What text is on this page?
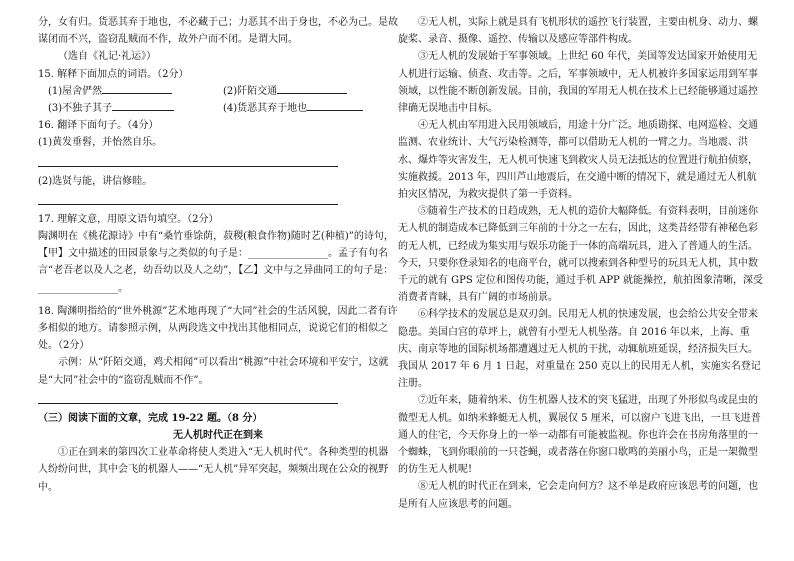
分，女有归。货恶其弃于地也，不必藏于己；力恶其不出于身也，不必为己。是故谋闭而不兴，盗窃乱贼而不作，故外户而不闭。是谓大同。

（选自《礼记·礼运》）

15. 解释下面加点的词语。（2分）

(1)屋舍俨然	(2)阡陌交通
(3)不独子其子	(4)货恶其弃于地也

16. 翻译下面句子。（4分）

(1)黄发垂髫，并怡然自乐。

(2)选贤与能，讲信修睦。

17. 理解文意，用原文语句填空。（2分）

陶渊明在《桃花源诗》中有“桑竹垂馀荫，菽稷(粮食作物)随时艺(种植)”的诗句，【甲】文中描述的田园景象与之类似的句子是：________________。孟子有句名言“老吾老以及人之老，幼吾幼以及人之幼”，【乙】文中与之异曲同工的句子是：________________。

18. 陶渊明指给的“世外桃源”艺术地再现了“大同”社会的生活风貌，因此二者有许多相似的地方。请参照示例，从两段选文中找出其他相同点，说说它们的相似之处。（2分）

示例：从“阡陌交通，鸡犬相闻”可以看出“桃源”中社会环境和平安宁，这就是“大同”社会中的“盗窃乱贼而不作”。

（三）阅读下面的文章，完成 19-22 题。（8 分）

无人机时代正在到来

①正在到来的第四次工业革命将使人类进入“无人机时代”。各种类型的机器人纷纷问世，其中会飞的机器人——“无人机”异军突起，频频出现在公众的视野中。

②无人机，实际上就是具有飞机形状的遥控飞行装置，主要由机身、动力、螺旋桨、录音、摄像、遥控、传输以及感应等部件构成。

③无人机的发展始于军事领域。上世纪 60 年代，美国等发达国家开始使用无人机进行运输、侦查、攻击等。之后，军事领域中，无人机被许多国家运用到军事领域，以性能不断创新发展。目前，我国的军用无人机在技术上已经能够通过遥控律确无误地击中目标。

④无人机由军用进入民用领域后，用途十分广泛。地质勘探、电网巡检、交通监测、农业统计、大气污染检测等，都可以借助无人机的一臂之力。当地震、洪水、爆炸等灾害发生，无人机可快速飞到救灾人员无法抵达的位置进行航拍侦察，实施救援。2013 年，四川芦山地震后，在交通中断的情况下，就是通过无人机航拍灾区情况，为救灾提供了第一手资料。

⑤随着生产技术的日趋成熟，无人机的造价大幅降低。有资料表明，目前迷你无人机的制造成本已降低到三年前的十分之一左右，因此，这类昔经带有神秘色彩的无人机，已经成为集实用与娱乐功能于一体的高端玩具，进入了普通人的生活。今天，只要你登录知名的电商平台，就可以搜索到各种型号的玩具无人机，其中数千元的就有 GPS 定位和图传功能，通过手机 APP 就能操控，航拍图象清晰，深受消费者青睐，具有广阔的市场前景。

⑥科学技术的发展总是双刃剑。民用无人机的快速发展，也会给公共安全带来隐患。美国白宫的草坪上，就曾有小型无人机坠落。自 2016 年以来，上海、重庆、南京等地的国际机场都遭遇过无人机的干扰，动辄航班延误，经济损失巨大。我国从 2017 年 6 月 1 日起，对重量在 250 克以上的民用无人机，实施实名登记注册。

⑦近年来，随着纳米、仿生机器人技术的突飞猛进，出现了外形似鸟或昆虫的微型无人机。如纳米蜂蜓无人机，翼展仅 5 厘米，可以窗户飞进飞出，一旦飞进普通人的住宅，今天你身上的一举一动都有可能被监视。你也许会在书房角落里的一个蜘蛛，飞到你眼前的一只苍蝇，或者落在你窗口歇鸣的美丽小鸟，正是一架微型的仿生无人机呢!

⑧无人机的时代正在到来，它会走向何方？这不单是政府应该思考的问题，也是所有人应该思考的问题。
